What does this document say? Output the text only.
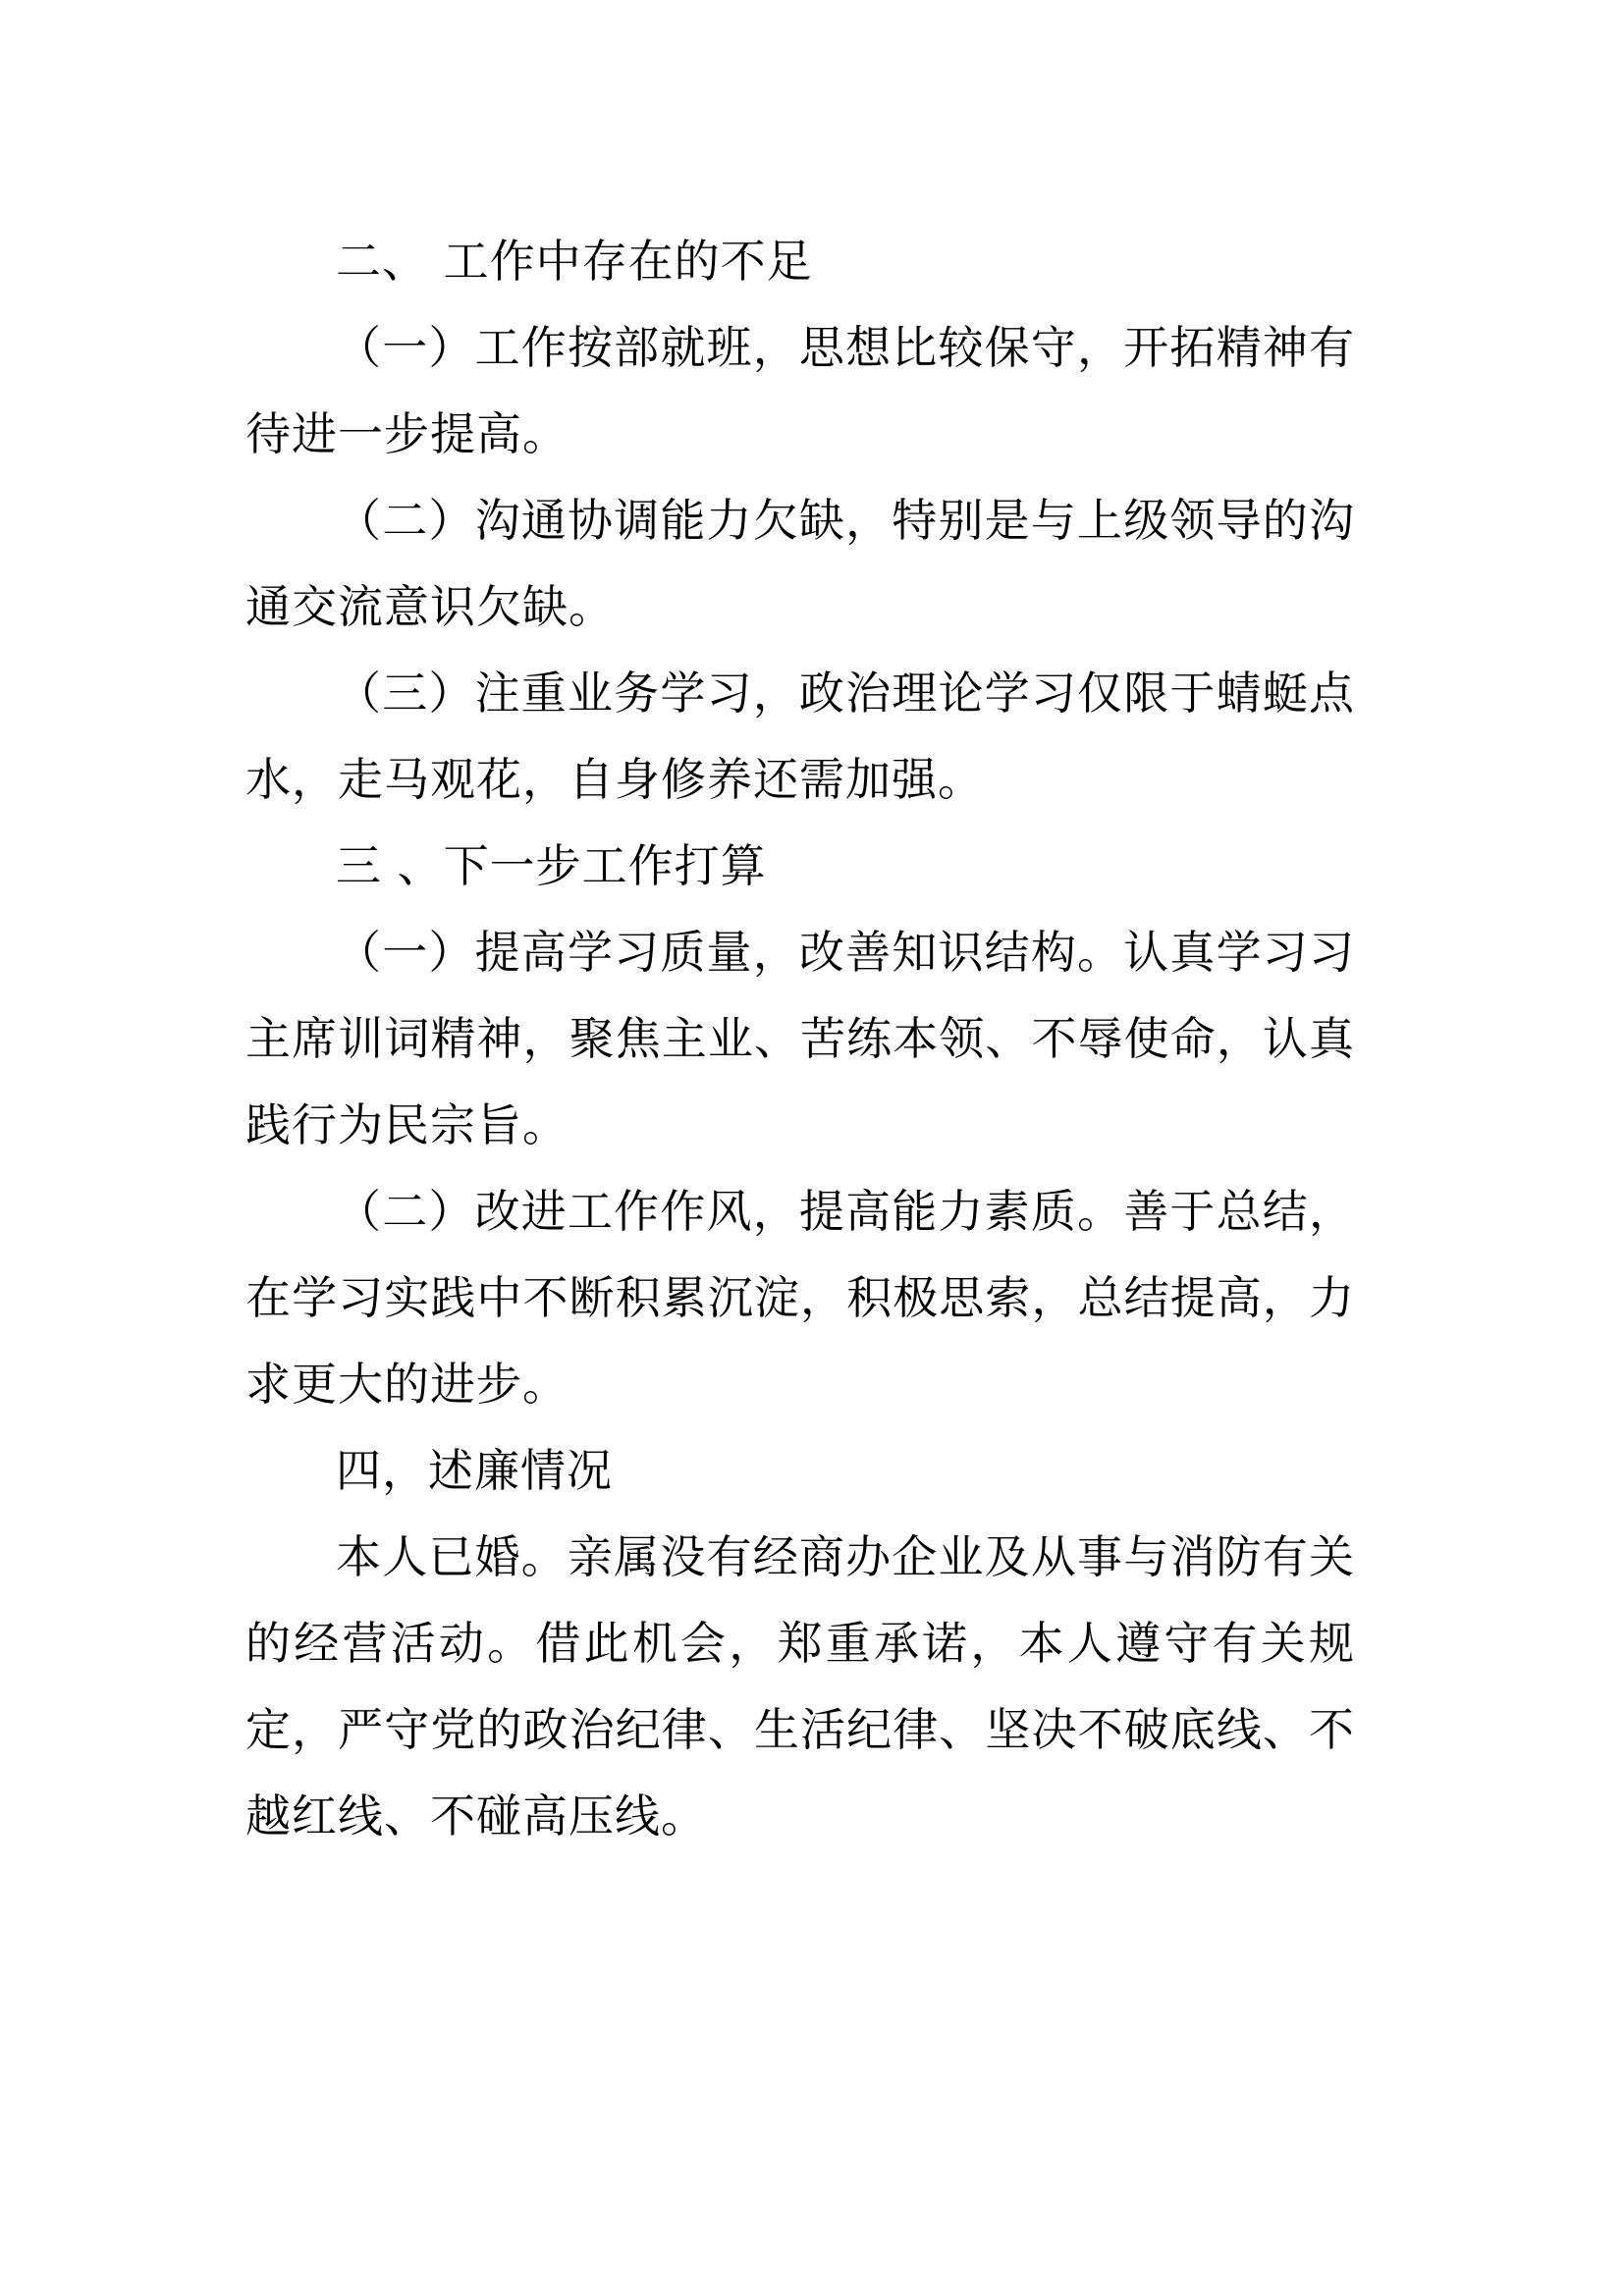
二、 工作中存在的不足

（一）工作按部就班，思想比较保守，开拓精神有待进一步提高。

（二）沟通协调能力欠缺，特别是与上级领导的沟通交流意识欠缺。

（三）注重业务学习，政治理论学习仅限于蜻蜓点水，走马观花，自身修养还需加强。

三 、下一步工作打算

（一）提高学习质量，改善知识结构。认真学习习主席训词精神，聚焦主业、苦练本领、不辱使命，认真践行为民宗旨。

（二）改进工作作风，提高能力素质。善于总结，在学习实践中不断积累沉淀，积极思索，总结提高，力求更大的进步。

四，述廉情况

本人已婚。亲属没有经商办企业及从事与消防有关的经营活动。借此机会，郑重承诺，本人遵守有关规定，严守党的政治纪律、生活纪律、坚决不破底线、不越红线、不碰高压线。
